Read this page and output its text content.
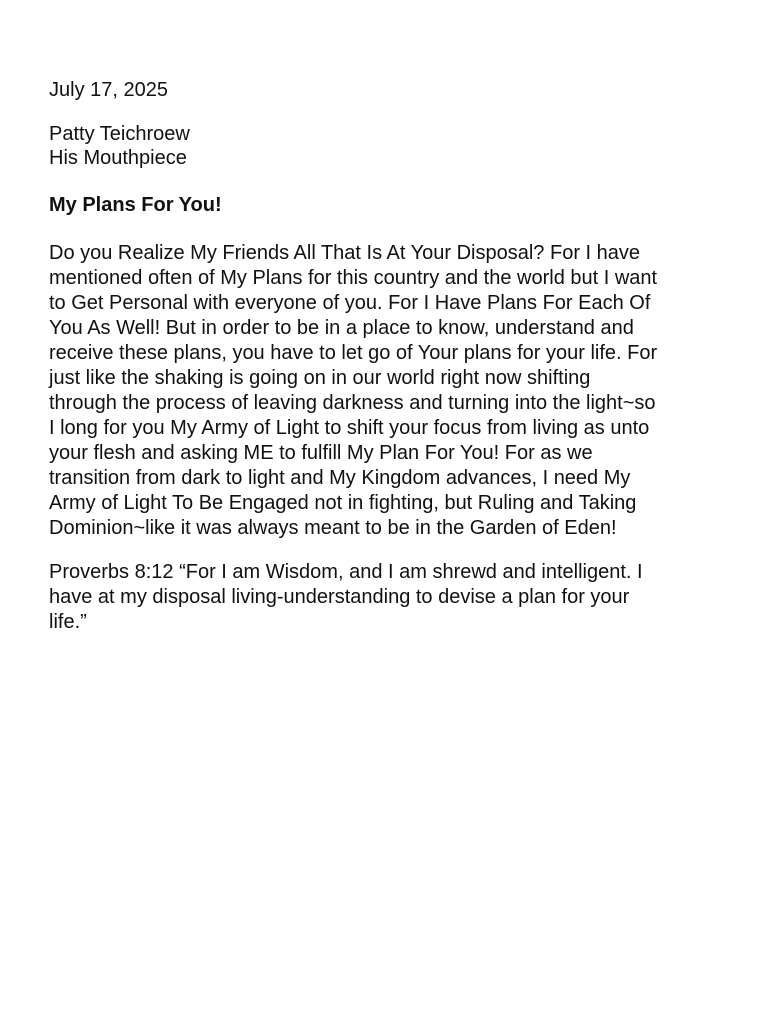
July 17, 2025
Patty Teichroew
His Mouthpiece
My Plans For You!
Do you Realize My Friends All That Is At Your Disposal? For I have
mentioned often of My Plans for this country and the world but I want
to Get Personal with everyone of you. For I Have Plans For Each Of
You As Well! But in order to be in a place to know, understand and
receive these plans, you have to let go of Your plans for your life. For
just like the shaking is going on in our world right now shifting
through the process of leaving darkness and turning into the light~so
I long for you My Army of Light to shift your focus from living as unto
your flesh and asking ME to fulfill My Plan For You! For as we
transition from dark to light and My Kingdom advances, I need My
Army of Light To Be Engaged not in fighting, but Ruling and Taking
Dominion~like it was always meant to be in the Garden of Eden!
Proverbs 8:12 “For I am Wisdom, and I am shrewd and intelligent. I
have at my disposal living-understanding to devise a plan for your
life.”
